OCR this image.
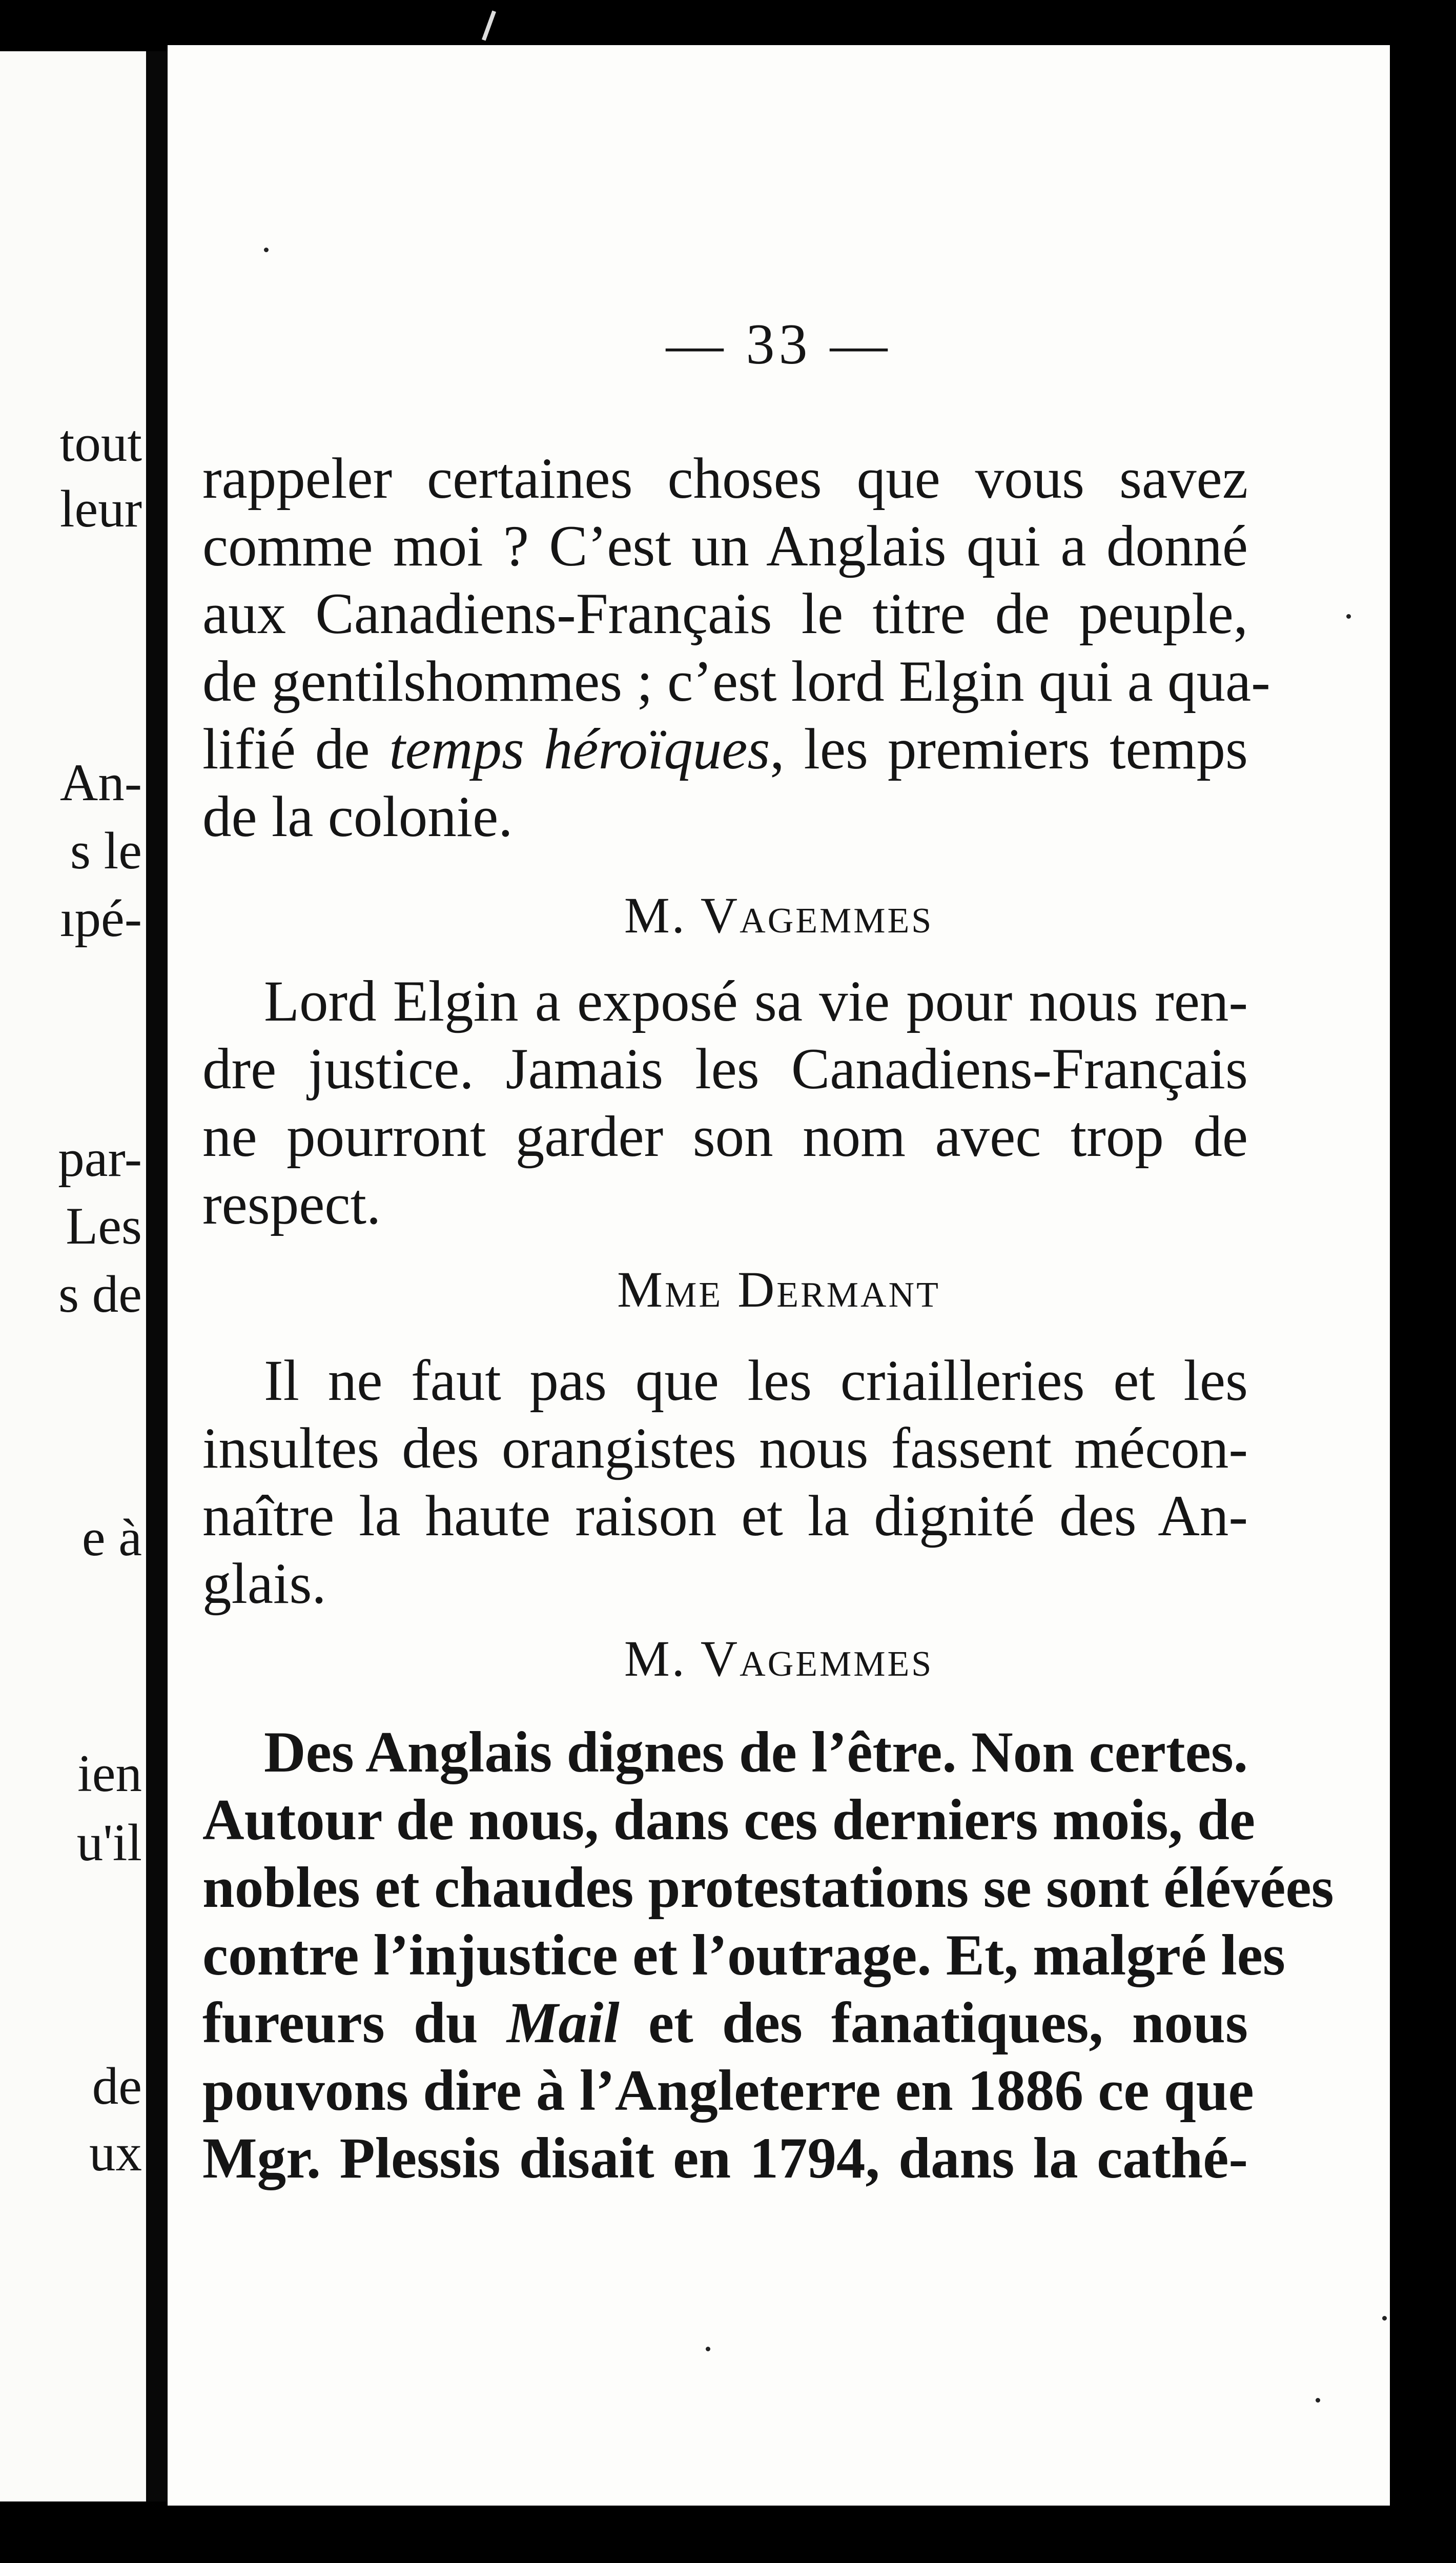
tout
leur
An-
s le
ıpé-
par-
Les
s de
e à
ien
u'il
de
ux
— 33 —
rappeler certaines choses que vous savez
comme moi ? C’est un Anglais qui a donné
aux Canadiens-Français le titre de peuple,
de gentilshommes ; c’est lord Elgin qui a qua-
lifié de temps héroïques, les premiers temps
de la colonie.
M. Vagemmes
Lord Elgin a exposé sa vie pour nous ren-
dre justice. Jamais les Canadiens-Français
ne pourront garder son nom avec trop de
respect.
Mme Dermant
Il ne faut pas que les criailleries et les
insultes des orangistes nous fassent mécon-
naître la haute raison et la dignité des An-
glais.
M. Vagemmes
Des Anglais dignes de l’être. Non certes.
Autour de nous, dans ces derniers mois, de
nobles et chaudes protestations se sont élévées
contre l’injustice et l’outrage. Et, malgré les
fureurs du Mail et des fanatiques, nous
pouvons dire à l’Angleterre en 1886 ce que
Mgr. Plessis disait en 1794, dans la cathé-
